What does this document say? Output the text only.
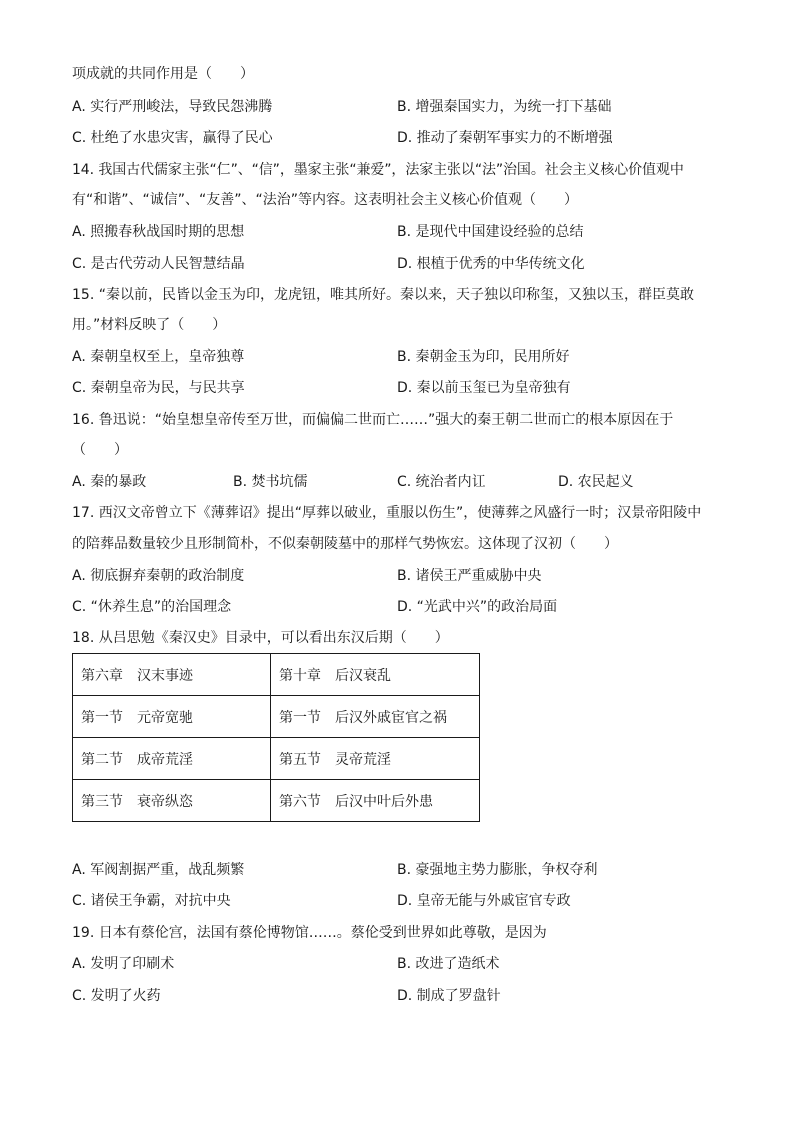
项成就的共同作用是（　　）
A. 实行严刑峻法，导致民怨沸腾	B. 增强秦国实力，为统一打下基础
C. 杜绝了水患灾害，赢得了民心	D. 推动了秦朝军事实力的不断增强
14. 我国古代儒家主张“仁”、“信”，墨家主张“兼爱”，法家主张以“法”治国。社会主义核心价值观中
有“和谐”、“诚信”、“友善”、“法治”等内容。这表明社会主义核心价值观（　　）
A. 照搬春秋战国时期的思想	B. 是现代中国建设经验的总结
C. 是古代劳动人民智慧结晶	D. 根植于优秀的中华传统文化
15. “秦以前，民皆以金玉为印，龙虎钮，唯其所好。秦以来，天子独以印称玺，又独以玉，群臣莫敢
用。”材料反映了（　　）
A. 秦朝皇权至上，皇帝独尊	B. 秦朝金玉为印，民用所好
C. 秦朝皇帝为民，与民共享	D. 秦以前玉玺已为皇帝独有
16. 鲁迅说：“始皇想皇帝传至万世，而偏偏二世而亡……”强大的秦王朝二世而亡的根本原因在于
（　　）
A. 秦的暴政	B. 焚书坑儒	C. 统治者内讧	D. 农民起义
17. 西汉文帝曾立下《薄葬诏》提出“厚葬以破业，重服以伤生”，使薄葬之风盛行一时；汉景帝阳陵中
的陪葬品数量较少且形制简朴，不似秦朝陵墓中的那样气势恢宏。这体现了汉初（　　）
A. 彻底摒弃秦朝的政治制度	B. 诸侯王严重威胁中央
C. “休养生息”的治国理念	D. “光武中兴”的政治局面
18. 从吕思勉《秦汉史》目录中，可以看出东汉后期（　　）
第六章　汉末事迹	第十章　后汉衰乱
第一节　元帝宽驰	第一节　后汉外戚宦官之祸
第二节　成帝荒淫	第五节　灵帝荒淫
第三节　衰帝纵恣	第六节　后汉中叶后外患
A. 军阀割据严重，战乱频繁	B. 豪强地主势力膨胀，争权夺利
C. 诸侯王争霸，对抗中央	D. 皇帝无能与外戚宦官专政
19. 日本有蔡伦宫，法国有蔡伦博物馆……。蔡伦受到世界如此尊敬，是因为
A. 发明了印刷术	B. 改进了造纸术
C. 发明了火药	D. 制成了罗盘针
